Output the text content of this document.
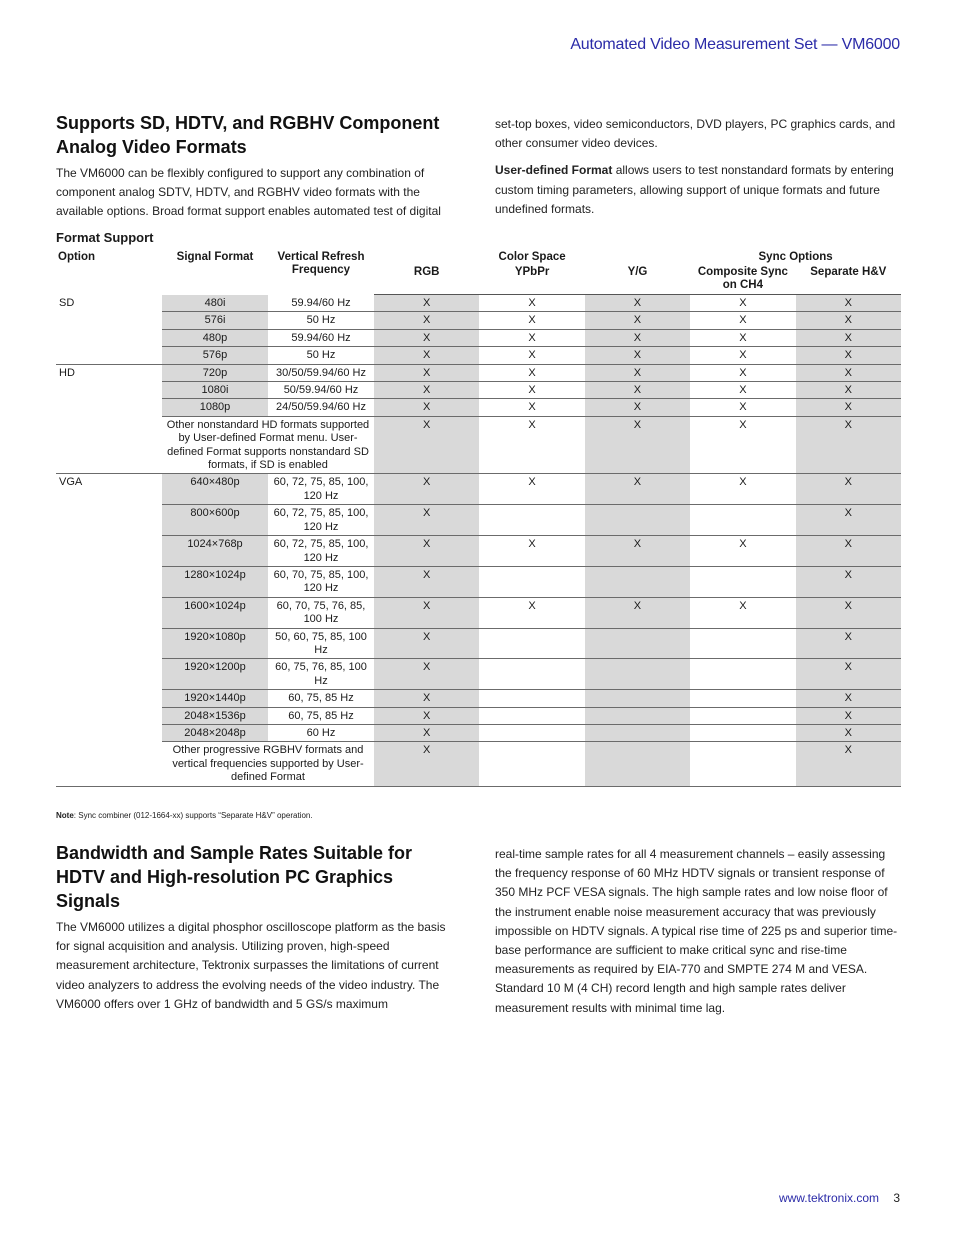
Automated Video Measurement Set — VM6000
Supports SD, HDTV, and RGBHV Component Analog Video Formats

The VM6000 can be flexibly configured to support any combination of component analog SDTV, HDTV, and RGBHV video formats with the available options. Broad format support enables automated test of digital

set-top boxes, video semiconductors, DVD players, PC graphics cards, and other consumer video devices.

User-defined Format allows users to test nonstandard formats by entering custom timing parameters, allowing support of unique formats and future undefined formats.

Format Support
Option	Signal Format	Vertical Refresh Frequency	Color Space			Sync Options	
			RGB	YPbPr	Y/G	Composite Sync on CH4	Separate H&V
SD	480i	59.94/60 Hz	X	X	X	X	X
	576i	50 Hz	X	X	X	X	X
	480p	59.94/60 Hz	X	X	X	X	X
	576p	50 Hz	X	X	X	X	X
HD	720p	30/50/59.94/60 Hz	X	X	X	X	X
	1080i	50/59.94/60 Hz	X	X	X	X	X
	1080p	24/50/59.94/60 Hz	X	X	X	X	X
	Other nonstandard HD formats supported by User-defined Format menu. User-defined Format supports nonstandard SD formats, if SD is enabled		X	X	X	X	X
VGA	640×480p	60, 72, 75, 85, 100, 120 Hz	X	X	X	X	X
	800×600p	60, 72, 75, 85, 100, 120 Hz	X				X
	1024×768p	60, 72, 75, 85, 100, 120 Hz	X	X	X	X	X
	1280×1024p	60, 70, 75, 85, 100, 120 Hz	X				X
	1600×1024p	60, 70, 75, 76, 85, 100 Hz	X	X	X	X	X
	1920×1080p	50, 60, 75, 85, 100 Hz	X				X
	1920×1200p	60, 75, 76, 85, 100 Hz	X				X
	1920×1440p	60, 75, 85 Hz	X				X
	2048×1536p	60, 75, 85 Hz	X				X
	2048×2048p	60 Hz	X				X
	Other progressive RGBHV formats and vertical frequencies supported by User-defined Format		X				X
Note: Sync combiner (012-1664-xx) supports “Separate H&V” operation.
Bandwidth and Sample Rates Suitable for HDTV and High-resolution PC Graphics Signals

The VM6000 utilizes a digital phosphor oscilloscope platform as the basis for signal acquisition and analysis. Utilizing proven, high-speed measurement architecture, Tektronix surpasses the limitations of current video analyzers to address the evolving needs of the video industry. The VM6000 offers over 1 GHz of bandwidth and 5 GS/s maximum

real-time sample rates for all 4 measurement channels – easily assessing the frequency response of 60 MHz HDTV signals or transient response of 350 MHz PCF VESA signals. The high sample rates and low noise floor of the instrument enable noise measurement accuracy that was previously impossible on HDTV signals. A typical rise time of 225 ps and superior time-base performance are sufficient to make critical sync and rise-time measurements as required by EIA-770 and SMPTE 274 M and VESA. Standard 10 M (4 CH) record length and high sample rates deliver measurement results with minimal time lag.

www.tektronix.com 3
